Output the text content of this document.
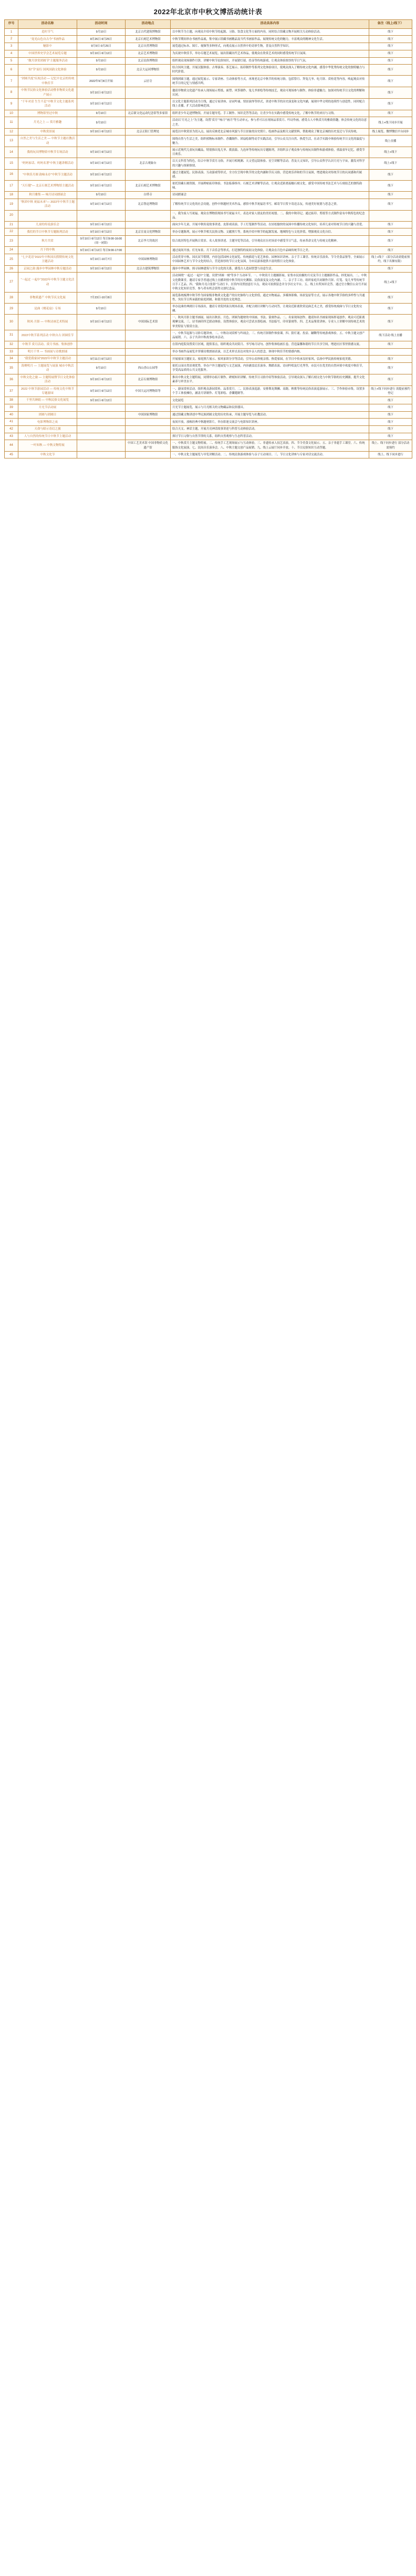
2022年北京市中秋文博活动统计表
序号	活动名称	活动时间	活动地点	活动具体内容	备注（线上/线下）
1	造时节气	9月10日	北京古代建筑博物馆	以中秋节为主题，向观众介绍中秋节的起源、习俗、饮食文化等方面的内容，同时结合馆藏文物开展相关互动体验活动。	线下
2	“龙光山色自古今”书画作品	8月26日-9月25日	北京石刻艺术博物馆	中秋节期间举办书画作品展，集中展示馆藏书画精品及当代书画家作品，展现传统文化的魅力，丰富观众的精神文化生活。	线下
3	魅影中	9月9日-9月25日	北京自然博物馆	展览通过标本、图片、视频等多种形式，向观众展示自然界中的奇妙生物，普及自然科学知识。	线下
4	中国世界史学会艺术展览专题	9月10日-9月12日	北京艺术博物馆	为庆祝中秋佳节，举办专题艺术展览，展出馆藏历代艺术珍品，使观众在欣赏艺术的同时感受传统节日氛围。	线下
5	“做月饼赏团圆节”主题服务活动	9月10日	北京民俗博物馆	组织观众现场制作月饼，讲解中秋节民俗知识，开展猜灯谜、投壶等传统游戏，让观众体验浓厚的节日气氛。	线下
6	知“节”而行 国风国韵文化体验	9月10日	北京大运河博物馆	结合国风主题，开展汉服体验、古琴演奏、茶艺展示、拓印制作等系列文化体验项目，使观众深入了解传统文化内涵，感受中华优秀传统文化的独特魅力与时代价值。	线下
7	“团圆共度”庆祝活动 — 记忆中北京的传统中秋佳节	2022年9月8日开始	云居寺	围绕团圆主题，通过展览展示、专家讲座、互动体验等方式，再现老北京中秋节的传统习俗，包括祭月、拜兔儿爷、吃月饼、赏桂花等内容，唤起观众对传统节日的记忆与情感共鸣。	线下
8	中秋节民俗文化体验活动暨非物质文化遗产展示	9月10日-9月12日		邀请非物质文化遗产传承人现场展示剪纸、面塑、风筝制作、兔儿爷彩绘等传统技艺，观众可现场参与制作，体验非遗魅力，加深对传统节日文化的理解和认同。	线下
9	“千年对话 生生不息”中秋节文化主题系列活动	9月10日-9月12日		以文化主题系列活动为主线，通过专家讲座、诗词吟诵、情景演绎等形式，讲述中秋节的历史演变和文化内涵，展现中华文明的连续性与创造性。同时配合线上直播，扩大活动影响范围。	线下
10	博物馆里过中秋	9月10日	北京新文化运动纪念馆等多家馆	组织青少年走进博物馆，开展专题导览、手工制作、知识竞答等活动，让青少年在实践中感受传统文化，了解中秋节的来历与习俗。	线下
11	月光之上 — 赏月雅趣	9月10日		活动以“月光之上”为主题，设置“赏月”“咏月”“画月”等互动单元，参与者可以在现场品茶赏月、吟诗作画，感受古人中秋赏月的雅致情趣，体会传统文化的诗意之美。	线上+线下同步开展
12	中秋赏景展	9月10日-9月12日	北京正阳门管理处	展览以中秋赏景为切入点，展出反映老北京城市风貌与节日景象的历史照片、绘画作品及相关文献资料，帮助观众了解北京城的历史变迁与节庆传统。	线上展览、微博微信平台同步
13	自然之美与生活之美 — 中秋节主题社教活动			围绕自然与生活之美，组织植物标本制作、香囊制作、团扇绘制等动手实践活动，引导公众关注自然、热爱生活，在动手实践中体验传统节日文化的温度与魅力。	线上直播
14	我的玩具博物馆中秋节专场活动	9月10日-9月12日		展示近现代儿童玩具藏品，特别推出兔儿爷、拨浪鼓、九连环等传统玩具专题陈列，并组织亲子观众参与传统玩具制作和游戏体验，重温童年记忆，感受节日欢乐。	线上+线下
15	“妈妈家话、妈妈名著”中秋主题讲解活动	9月10日-9月12日	北京古观象台	以天文科普为特色，结合中秋节赏月习俗，开展月相观测、天文望远镜体验、星空讲解等活动，普及天文知识，引导公众科学认识月亮与宇宙，激发对科学的兴趣与探索热情。	线上+线下
16	“中秋佳月圆 韵味永存”中秋节主题活动	9月10日-9月12日		通过主题展览、民俗表演、互动游戏等形式，全方位呈现中秋节的文化内涵和节庆习俗，营造欢乐祥和的节日氛围，增进观众对传统节日的认同感和归属感。	线下
17	“天行健”— 北京石刻艺术博物馆主题活动	9月10日-9月12日	北京石刻艺术博物馆	依托馆藏石刻资源，开展碑帖拓印体验、书法临摹指导、石刻艺术讲解等活动，让观众近距离接触石刻文化，感受中国传统书法艺术与石刻技艺的独特韵味。	线下
18	秋月雅集 — 咏月诗词朗诵会	9月10日	白塔寺	诗词朗诵会	线下
19	“秋团中秋 祝福未来”— 2022年中秋节主题活动	9月10日-9月12日	北京鲁迅博物馆	了解传统节日文化的社会功能，创作中秋题材美术作品，感悟中秋节祝福语书写，邮寄节日贺卡寄送亲友，传递美好祝愿与思念之情。	线下
20				一、我为家人写祝福。观众在博物馆现场书写祝福卡片，表达对家人朋友的美好祝愿。二、我的中秋印记。通过拓印、剪纸等方式制作富有中秋特色的纪念品。	
21	儿童的传说游乐会	9月10日-9月12日		面向少年儿童，开展中秋传说故事讲述、皮影戏表演、手工灯笼制作等活动，在轻松愉快的氛围中传播传统文化知识，培养儿童对传统节日的兴趣与喜爱。	线下
22	我们的节日中秋节专题陈列活动	9月10日-9月12日	北京宣南文化博物馆	举办专题陈列，展示中秋节相关民俗文物、文献照片等，系统介绍中秋节的起源发展、地域特色与文化价值，增强观众文化自信。	线下
23	秋月共赏	9月10日-9月12日 每日9:00-16:00（周一闭馆）	北京李大钊故居	结合故居特色开展秋日赏景、名人故事讲述、主题导览等活动，引导观众在历史场景中感受节日气息，传承革命文化与传统文化精神。	线下
24	月下的中秋	9月10日-9月12日 每日9:00-17:00		通过夜间开放、灯光布景、月下音乐会等形式，打造独特的夜间文化体验，让观众在月色中品味传统节日之美。	线下
25	“七夕花语”2022年中秋国庆假期传统文化主题活动	9月10日-10月7日	中国园林博物馆	活动贯穿中秋、国庆双节假期，内容包括园林文化展览、传统插花与花艺体验、园林知识讲座、亲子手工课堂、传统音乐演奏、节令美食品鉴等，全面展示中国园林艺术与节令文化的结合，营造浓厚的节日文化氛围，为市民游客提供丰富的假日文化体验。	线上+线下（部分活动需提前预约，线下名额有限）
26	京园之韵 漫步中华园林中秋专题活动	9月10日-9月12日	北京古建筑博物馆	漫步中华园林，探寻园林建筑与节令文化的关系，感受古人造园智慧与诗意生活。	线下
27	“一起过 一起中”2022年中秋节主题文化活动			活动围绕“一起过·一起中”主题，设置“团圆一刻”等多个互动环节。一、中秋赏月主题摄影展。征集市民拍摄的月亮及节日主题摄影作品，择优展出。二、中秋文化微课堂。邀请专家学者通过线上直播讲授中秋节的历史渊源、民俗演变及文化内涵。三、亲子手工坊。组织家庭共同制作月饼、灯笼、兔儿爷等传统节日手工艺品。四、“我和月亮合张影”互动打卡。在馆内设置创意打卡点，观众可拍照留念并分享社交平台。五、线上有奖知识竞答。通过官方微信公众号开展中秋文化知识竞答，参与者有机会获得文创纪念品。	线上+线下
28	非物质遗产 中秋节庆文化展	7月23日-10月8日		展览系统梳理中秋节作为国家级非物质文化遗产的历史脉络与文化价值，通过实物展品、多媒体影像、场景复原等方式，展示各地中秋节俗的多样性与共通性，突出节日所承载的家庭团圆、和谐共处的文化理念。	线下
29	昆曲《桃花扇》专场	9月10日		举办昆曲经典剧目专场演出，邀请专业院团演员现场表演，并配合剧目讲解与互动问答，让观众近距离欣赏昆曲艺术之美，感受传统戏曲与节日文化的交融。	线下
30	秋风·月影 — 中秋诗画艺术特展	9月10日-9月12日	中国国际艺术馆	一、秋风月影主题书画展。展出以秋景、月色、团圆为题材的中国画、书法、篆刻作品。二、名家现场创作。邀请知名书画家现场挥毫创作，观众可近距离观摩交流。三、诗书画印四艺联动体验。设置体验区，观众可尝试水墨绘画、书法临写、印章篆刻等。四、艺术品鉴赏讲座。专业人士讲解中国传统艺术的审美特征与鉴赏方法。	线下
31	2022中秋节系列活动 中秋自古 团圆佳节			一、中秋节起源与习俗专题讲座。二、中秋诗词赏析与吟诵会。三、传统月饼制作体验课。四、猜灯谜、投壶、蹴鞠等传统游戏体验。五、中秋主题文创产品展销。六、亲子共读中秋故事绘本活动。	线下活动 线上直播
32	中秋节 赏月活动、赏月书画、集体创作			在馆内庭院设置赏月区域，提供茶点，组织观众共同赏月、书写咏月诗句、创作集体绘画长卷，营造温馨和谐的节日共享空间，增进社区邻里情感交流。	线下
33	明月千里 — 书画展与诗歌朗诵			举办书画作品展览并穿插诗歌朗诵表演，以艺术形式表达对故乡亲人的思念，体现中秋佳节的情感内核。	
34	“我爱我家园”2022年中秋节主题活动	9月11日-9月12日		开展家园主题征文、家庭照片展示、家风家训分享等活动，引导公众珍视亲情、热爱家园，在节日中传承良好家风，弘扬中华民族传统家庭美德。	线下
35	海聚明月 — 主题展览与展演 城市中秋活动	9月10日	西山香山公园等	依托公园自然景观优势，举办户外主题展览与文艺展演，内容涵盖民乐演奏、舞蹈表演、诗词吟唱及灯光秀等，市民可在优美的自然环境中欢度中秋佳节，享受高品质的公共文化服务。	线下
36	中秋文化之旅 — 主题特展暨节日文化体验活动	9月10日-9月12日	北京石刻博物馆	推出中秋文化主题特展，同期举办拓片制作、碑刻知识讲解、传统节日习俗介绍等体验活动，引导观众深入了解石刻文化与中秋节俗的历史渊源，提升文化素养与审美水平。	线下
37	2022 中秋节游园活动 — 传统文化中秋节专题游园	9月10日-9月12日	中国大运河博物馆等	一、游园赏桂活动。组织观众游园赏桂、品茶赏月。二、民俗表演巡游。安排舞龙舞狮、高跷、秧歌等传统民俗表演巡游展示。三、手作体验市集。设置多个手工体验摊位，涵盖月饼制作、灯笼彩绘、香囊缝制等。	线上+线下同步进行 需提前预约登记
38	千里共婵娟 — 中秋民俗文化展览	9月10日-9月12日		文化展览	线下
39	月光节活动展			月光节主题展览，展示与月亮相关的文物藏品和民俗器具。	线下
40	团圆与团圆日		中国国家博物馆	通过馆藏文物讲述中华民族团圆文化的历史传承，开展主题导览与社教活动。	线下
41	电影博物馆之夜			夜间开放，放映经典中秋题材影片，举办影迷交流会与电影知识讲座。	线下
42	天命与昭示奇幻之旅			结合天文、神话主题，开展月亮神话故事讲述与科普互动体验活动。	线下
43	人与自然的传统节日中秋节主题活动			探讨节日习俗与自然节律的关系，组织自然观察与生态科普活动。	线下
44	一叶知秋 — 中秋文物特展		中国工艺美术馆 中国非物质文化遗产馆	一、中秋赏月主题文物特展。二、传统手工艺现场展示与互动体验。三、非遗传承人技艺表演。四、节令美食文化展示。五、亲子非遗手工课堂。六、传统服饰文化展演。七、民间音乐演奏会。八、中秋主题文创产品展销。九、线上云展厅同步开放。十、节日民俗知识互动答题。	线上、线下同步进行 部分活动需预约
45	中秋文化节			一、中秋文化主题展览与导览讲解活动。二、传统民俗游戏体验与亲子互动项目。三、节日文化讲座与专家对话交流活动。	线上、线下同步进行
